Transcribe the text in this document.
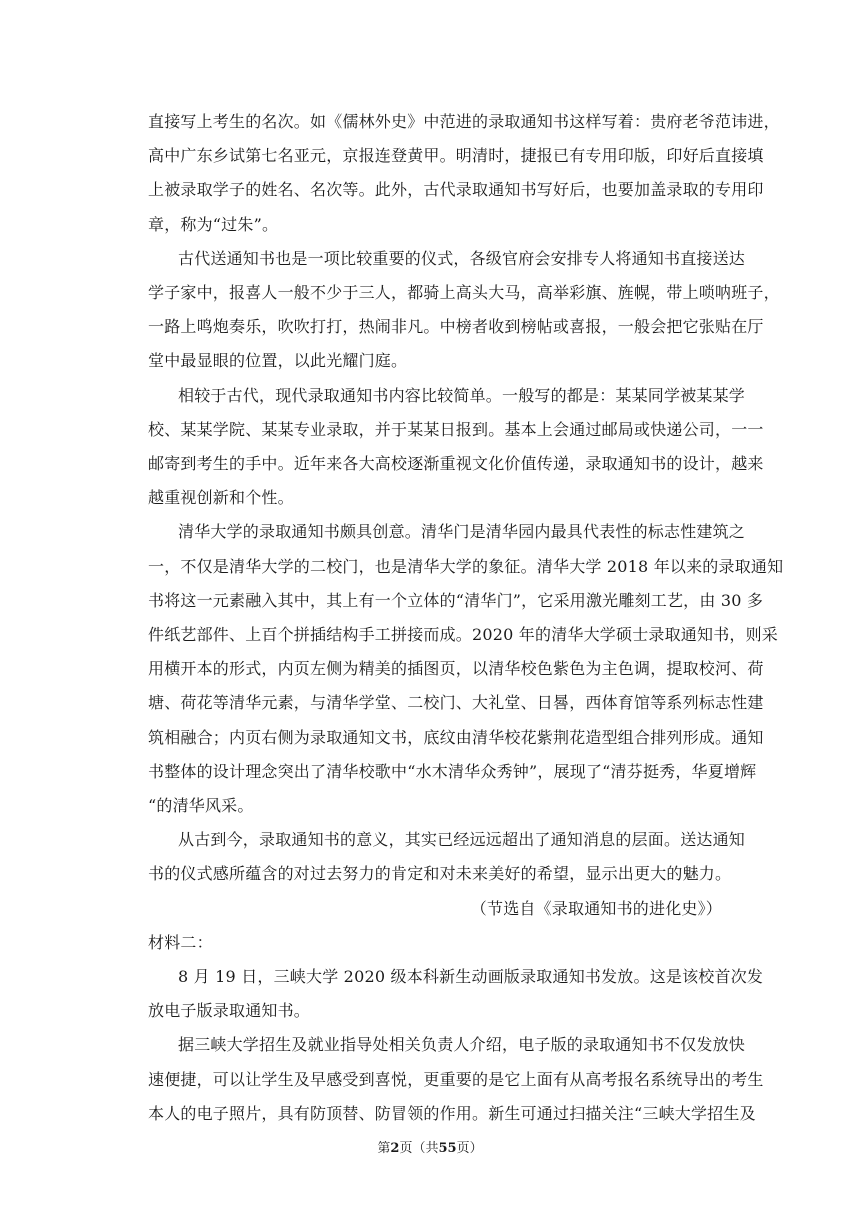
直接写上考生的名次。如《儒林外史》中范进的录取通知书这样写着：贵府老爷范讳进，
高中广东乡试第七名亚元，京报连登黄甲。明清时，捷报已有专用印版，印好后直接填
上被录取学子的姓名、名次等。此外，古代录取通知书写好后，也要加盖录取的专用印
章，称为“过朱”。
古代送通知书也是一项比较重要的仪式，各级官府会安排专人将通知书直接送达
学子家中，报喜人一般不少于三人，都骑上高头大马，高举彩旗、旌幌，带上唢呐班子，
一路上鸣炮奏乐，吹吹打打，热闹非凡。中榜者收到榜帖或喜报，一般会把它张贴在厅
堂中最显眼的位置，以此光耀门庭。
相较于古代，现代录取通知书内容比较简单。一般写的都是：某某同学被某某学
校、某某学院、某某专业录取，并于某某日报到。基本上会通过邮局或快递公司，一一
邮寄到考生的手中。近年来各大高校逐渐重视文化价值传递，录取通知书的设计，越来
越重视创新和个性。
清华大学的录取通知书颇具创意。清华门是清华园内最具代表性的标志性建筑之
一，不仅是清华大学的二校门，也是清华大学的象征。清华大学 2018 年以来的录取通知
书将这一元素融入其中，其上有一个立体的“清华门”，它采用激光雕刻工艺，由 30 多
件纸艺部件、上百个拼插结构手工拼接而成。2020 年的清华大学硕士录取通知书，则采
用横开本的形式，内页左侧为精美的插图页，以清华校色紫色为主色调，提取校河、荷
塘、荷花等清华元素，与清华学堂、二校门、大礼堂、日晷，西体育馆等系列标志性建
筑相融合；内页右侧为录取通知文书，底纹由清华校花紫荆花造型组合排列形成。通知
书整体的设计理念突出了清华校歌中“水木清华众秀钟”，展现了“清芬挺秀，华夏增辉
“的清华风采。
从古到今，录取通知书的意义，其实已经远远超出了通知消息的层面。送达通知
书的仪式感所蕴含的对过去努力的肯定和对未来美好的希望，显示出更大的魅力。
（节选自《录取通知书的进化史》）
材料二：
8 月 19 日，三峡大学 2020 级本科新生动画版录取通知书发放。这是该校首次发
放电子版录取通知书。
据三峡大学招生及就业指导处相关负责人介绍，电子版的录取通知书不仅发放快
速便捷，可以让学生及早感受到喜悦，更重要的是它上面有从高考报名系统导出的考生
本人的电子照片，具有防顶替、防冒领的作用。新生可通过扫描关注“三峡大学招生及
第2页（共55页）
